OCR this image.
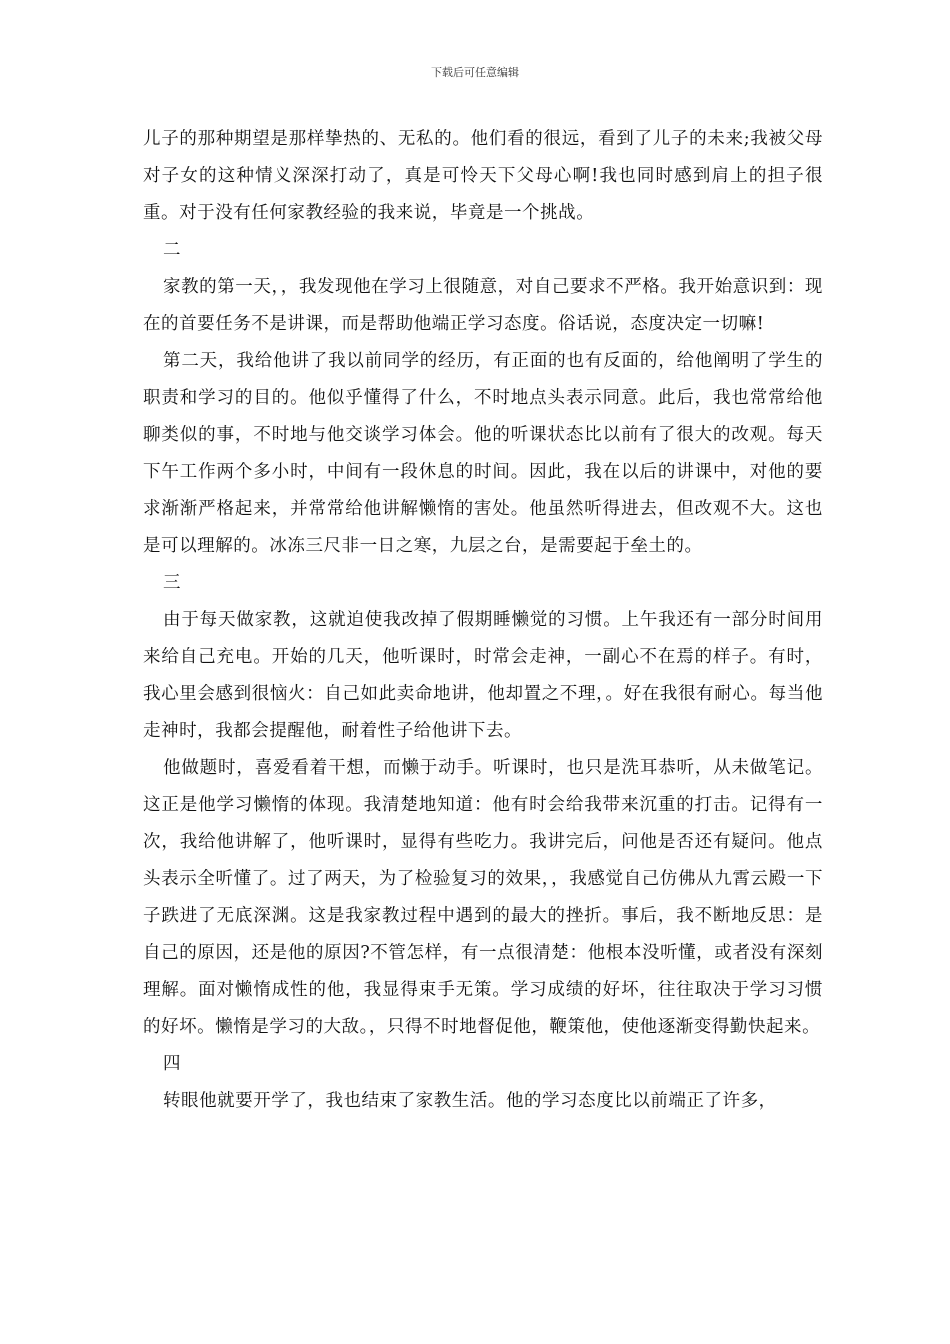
下载后可任意编辑

儿子的那种期望是那样挚热的、无私的。他们看的很远，看到了儿子的未来;我被父母对子女的这种情义深深打动了，真是可怜天下父母心啊!我也同时感到肩上的担子很重。对于没有任何家教经验的我来说，毕竟是一个挑战。

二

家教的第一天，，我发现他在学习上很随意，对自己要求不严格。我开始意识到：现在的首要任务不是讲课，而是帮助他端正学习态度。俗话说，态度决定一切嘛!

第二天，我给他讲了我以前同学的经历，有正面的也有反面的，给他阐明了学生的职责和学习的目的。他似乎懂得了什么，不时地点头表示同意。此后，我也常常给他聊类似的事，不时地与他交谈学习体会。他的听课状态比以前有了很大的改观。每天下午工作两个多小时，中间有一段休息的时间。因此，我在以后的讲课中，对他的要求渐渐严格起来，并常常给他讲解懒惰的害处。他虽然听得进去，但改观不大。这也是可以理解的。冰冻三尺非一日之寒，九层之台，是需要起于垒土的。

三

由于每天做家教，这就迫使我改掉了假期睡懒觉的习惯。上午我还有一部分时间用来给自己充电。开始的几天，他听课时，时常会走神，一副心不在焉的样子。有时，我心里会感到很恼火：自己如此卖命地讲，他却置之不理，。好在我很有耐心。每当他走神时，我都会提醒他，耐着性子给他讲下去。

他做题时，喜爱看着干想，而懒于动手。听课时，也只是洗耳恭听，从未做笔记。这正是他学习懒惰的体现。我清楚地知道：他有时会给我带来沉重的打击。记得有一次，我给他讲解了，他听课时，显得有些吃力。我讲完后，问他是否还有疑问。他点头表示全听懂了。过了两天，为了检验复习的效果，，我感觉自己仿佛从九霄云殿一下子跌进了无底深渊。这是我家教过程中遇到的最大的挫折。事后，我不断地反思：是自己的原因，还是他的原因?不管怎样，有一点很清楚：他根本没听懂，或者没有深刻理解。面对懒惰成性的他，我显得束手无策。学习成绩的好坏，往往取决于学习习惯的好坏。懒惰是学习的大敌。，只得不时地督促他，鞭策他，使他逐渐变得勤快起来。

四

转眼他就要开学了，我也结束了家教生活。他的学习态度比以前端正了许多，
